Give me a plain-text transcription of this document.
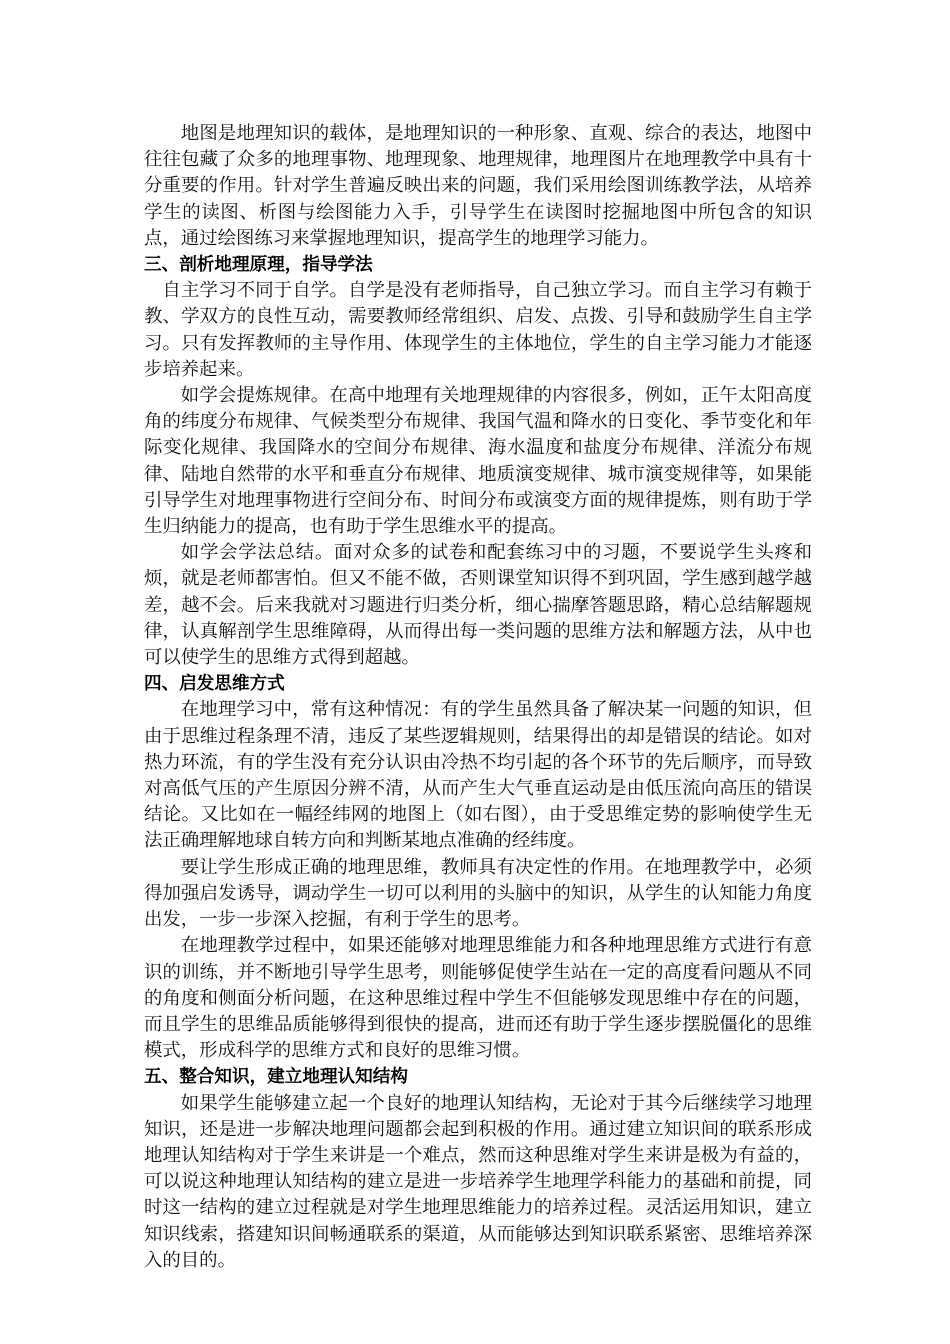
地图是地理知识的载体，是地理知识的一种形象、直观、综合的表达，地图中往往包藏了众多的地理事物、地理现象、地理规律，地理图片在地理教学中具有十分重要的作用。针对学生普遍反映出来的问题，我们采用绘图训练教学法，从培养学生的读图、析图与绘图能力入手，引导学生在读图时挖掘地图中所包含的知识点，通过绘图练习来掌握地理知识，提高学生的地理学习能力。

三、剖析地理原理，指导学法

自主学习不同于自学。自学是没有老师指导，自己独立学习。而自主学习有赖于教、学双方的良性互动，需要教师经常组织、启发、点拨、引导和鼓励学生自主学习。只有发挥教师的主导作用、体现学生的主体地位，学生的自主学习能力才能逐步培养起来。

如学会提炼规律。在高中地理有关地理规律的内容很多，例如，正午太阳高度角的纬度分布规律、气候类型分布规律、我国气温和降水的日变化、季节变化和年际变化规律、我国降水的空间分布规律、海水温度和盐度分布规律、洋流分布规律、陆地自然带的水平和垂直分布规律、地质演变规律、城市演变规律等，如果能引导学生对地理事物进行空间分布、时间分布或演变方面的规律提炼，则有助于学生归纳能力的提高，也有助于学生思维水平的提高。

如学会学法总结。面对众多的试卷和配套练习中的习题，不要说学生头疼和烦，就是老师都害怕。但又不能不做，否则课堂知识得不到巩固，学生感到越学越差，越不会。后来我就对习题进行归类分析，细心揣摩答题思路，精心总结解题规律，认真解剖学生思维障碍，从而得出每一类问题的思维方法和解题方法，从中也可以使学生的思维方式得到超越。

四、启发思维方式

在地理学习中，常有这种情况：有的学生虽然具备了解决某一问题的知识，但由于思维过程条理不清，违反了某些逻辑规则，结果得出的却是错误的结论。如对热力环流，有的学生没有充分认识由冷热不均引起的各个环节的先后顺序，而导致对高低气压的产生原因分辨不清，从而产生大气垂直运动是由低压流向高压的错误结论。又比如在一幅经纬网的地图上（如右图），由于受思维定势的影响使学生无法正确理解地球自转方向和判断某地点准确的经纬度。

要让学生形成正确的地理思维，教师具有决定性的作用。在地理教学中，必须得加强启发诱导，调动学生一切可以利用的头脑中的知识，从学生的认知能力角度出发，一步一步深入挖掘，有利于学生的思考。

在地理教学过程中，如果还能够对地理思维能力和各种地理思维方式进行有意识的训练，并不断地引导学生思考，则能够促使学生站在一定的高度看问题从不同的角度和侧面分析问题，在这种思维过程中学生不但能够发现思维中存在的问题，而且学生的思维品质能够得到很快的提高，进而还有助于学生逐步摆脱僵化的思维模式，形成科学的思维方式和良好的思维习惯。

五、整合知识，建立地理认知结构

如果学生能够建立起一个良好的地理认知结构，无论对于其今后继续学习地理知识，还是进一步解决地理问题都会起到积极的作用。通过建立知识间的联系形成地理认知结构对于学生来讲是一个难点，然而这种思维对学生来讲是极为有益的，可以说这种地理认知结构的建立是进一步培养学生地理学科能力的基础和前提，同时这一结构的建立过程就是对学生地理思维能力的培养过程。灵活运用知识，建立知识线索，搭建知识间畅通联系的渠道，从而能够达到知识联系紧密、思维培养深入的目的。
